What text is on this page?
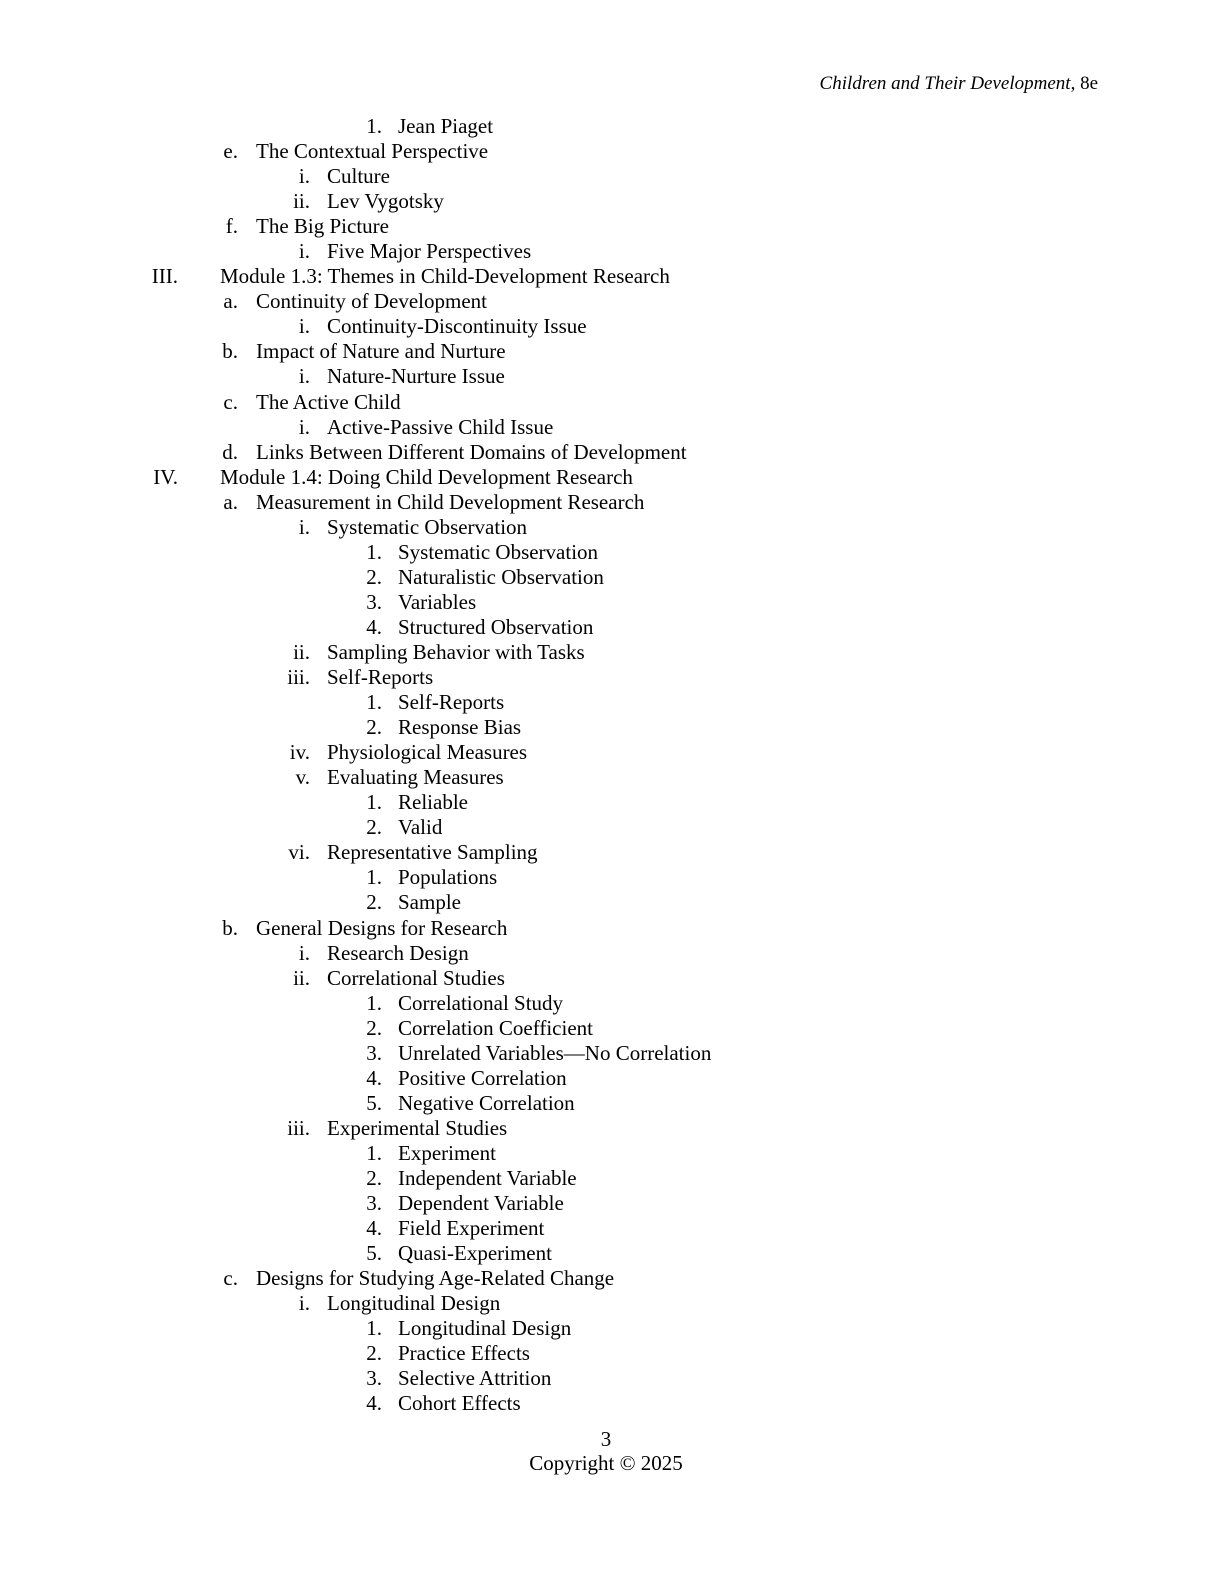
Children and Their Development, 8e
1. Jean Piaget
e. The Contextual Perspective
i. Culture
ii. Lev Vygotsky
f. The Big Picture
i. Five Major Perspectives
III. Module 1.3: Themes in Child-Development Research
a. Continuity of Development
i. Continuity-Discontinuity Issue
b. Impact of Nature and Nurture
i. Nature-Nurture Issue
c. The Active Child
i. Active-Passive Child Issue
d. Links Between Different Domains of Development
IV. Module 1.4: Doing Child Development Research
a. Measurement in Child Development Research
i. Systematic Observation
1. Systematic Observation
2. Naturalistic Observation
3. Variables
4. Structured Observation
ii. Sampling Behavior with Tasks
iii. Self-Reports
1. Self-Reports
2. Response Bias
iv. Physiological Measures
v. Evaluating Measures
1. Reliable
2. Valid
vi. Representative Sampling
1. Populations
2. Sample
b. General Designs for Research
i. Research Design
ii. Correlational Studies
1. Correlational Study
2. Correlation Coefficient
3. Unrelated Variables—No Correlation
4. Positive Correlation
5. Negative Correlation
iii. Experimental Studies
1. Experiment
2. Independent Variable
3. Dependent Variable
4. Field Experiment
5. Quasi-Experiment
c. Designs for Studying Age-Related Change
i. Longitudinal Design
1. Longitudinal Design
2. Practice Effects
3. Selective Attrition
4. Cohort Effects
3
Copyright © 2025
